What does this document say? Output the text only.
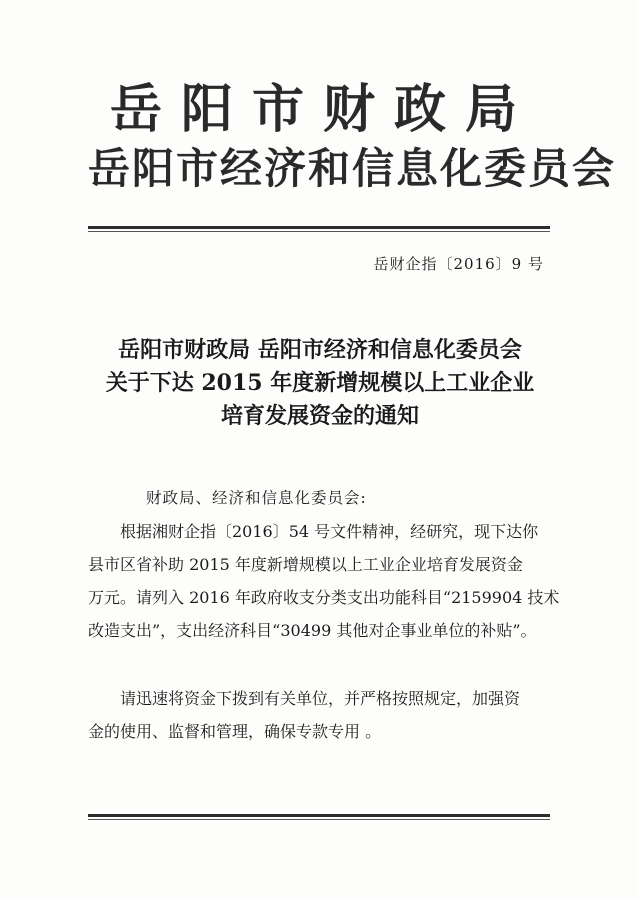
岳阳市财政局
岳阳市经济和信息化委员会
岳财企指〔2016〕9 号
岳阳市财政局 岳阳市经济和信息化委员会
关于下达 2015 年度新增规模以上工业企业
培育发展资金的通知
财政局、经济和信息化委员会:
根据湘财企指〔2016〕54 号文件精神，经研究，现下达你
县市区省补助 2015 年度新增规模以上工业企业培育发展资金
万元。请列入 2016 年政府收支分类支出功能科目“2159904 技术
改造支出”，支出经济科目“30499 其他对企事业单位的补贴”。
请迅速将资金下拨到有关单位，并严格按照规定，加强资
金的使用、监督和管理，确保专款专用 。
